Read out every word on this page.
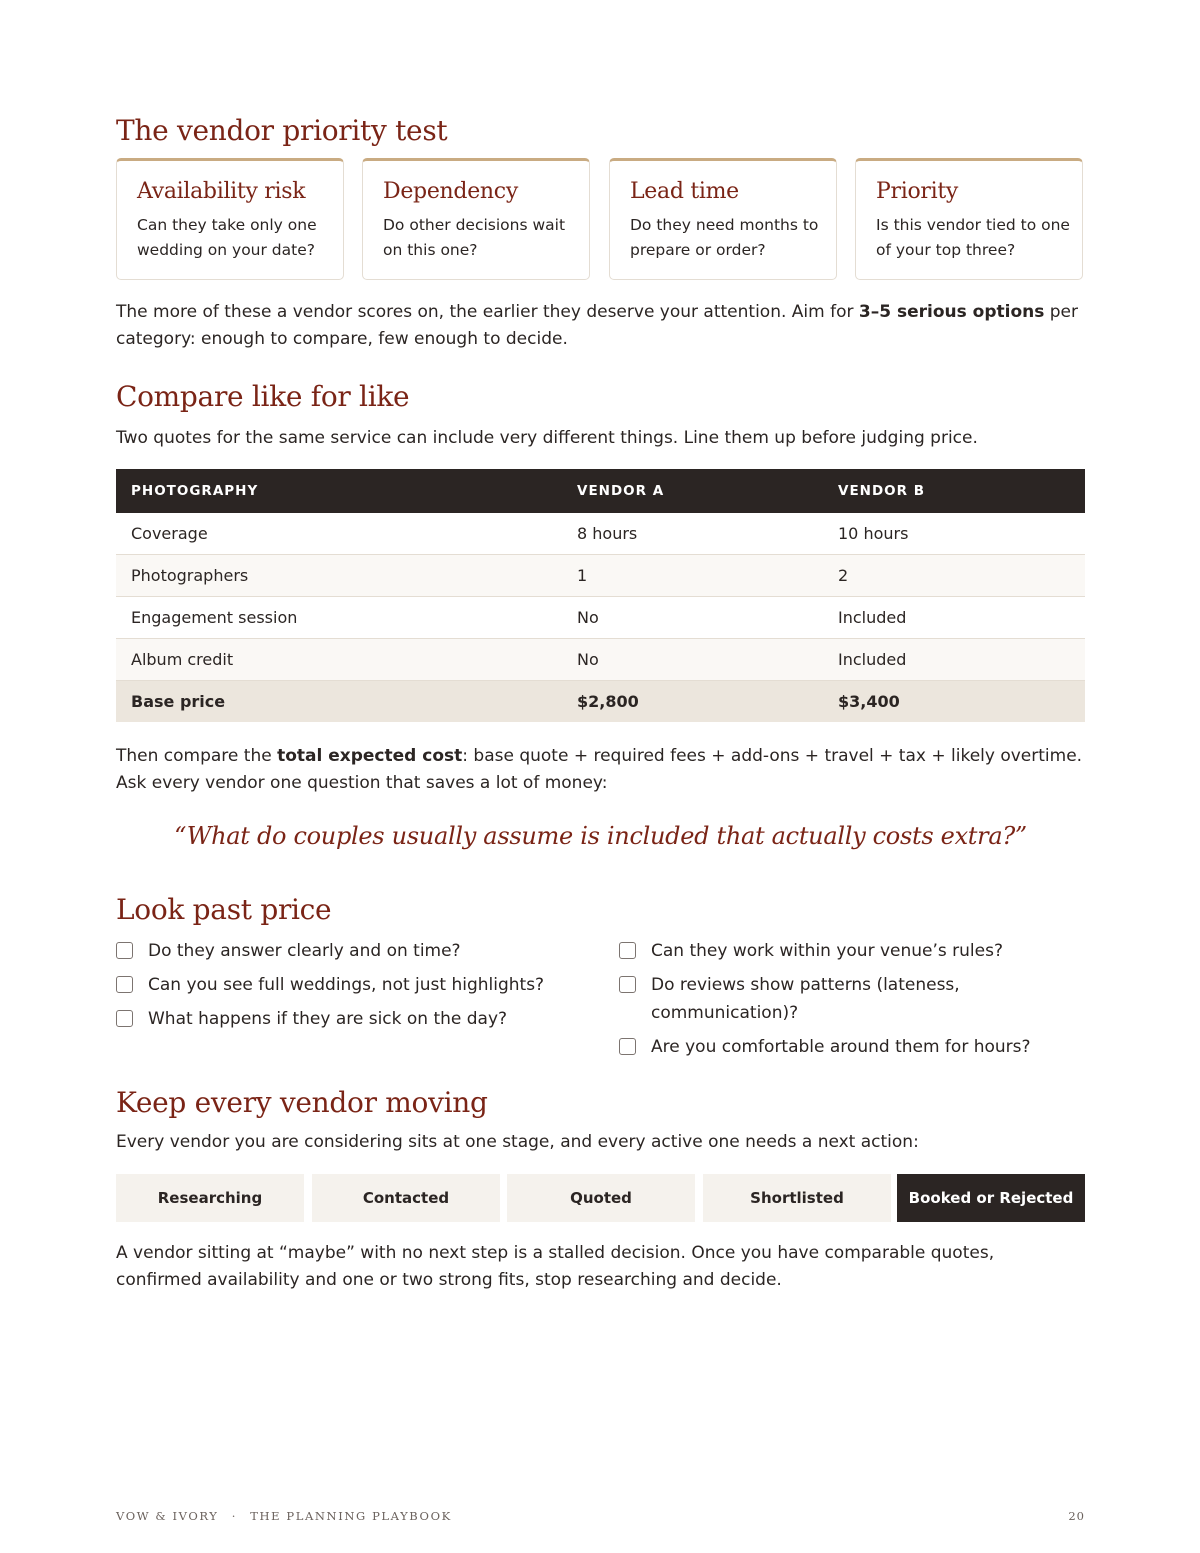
The vendor priority test
Availability risk
Can they take only one wedding on your date?
Dependency
Do other decisions wait on this one?
Lead time
Do they need months to prepare or order?
Priority
Is this vendor tied to one of your top three?

The more of these a vendor scores on, the earlier they deserve your attention. Aim for 3–5 serious options per category: enough to compare, few enough to decide.

Compare like for like

Two quotes for the same service can include very different things. Line them up before judging price.

PHOTOGRAPHY	VENDOR A	VENDOR B
Coverage	8 hours	10 hours
Photographers	1	2
Engagement session	No	Included
Album credit	No	Included
Base price	$2,800	$3,400

Then compare the total expected cost: base quote + required fees + add-ons + travel + tax + likely overtime. Ask every vendor one question that saves a lot of money:

“What do couples usually assume is included that actually costs extra?”
Look past price
Do they answer clearly and on time?
Can you see full weddings, not just highlights?
What happens if they are sick on the day?
Can they work within your venue’s rules?
Do reviews show patterns (lateness, communication)?
Are you comfortable around them for hours?
Keep every vendor moving

Every vendor you are considering sits at one stage, and every active one needs a next action:

Researching	Contacted	Quoted	Shortlisted	Booked or Rejected

A vendor sitting at “maybe” with no next step is a stalled decision. Once you have comparable quotes, confirmed availability and one or two strong fits, stop researching and decide.

VOW & IVORY · THE PLANNING PLAYBOOK	20
